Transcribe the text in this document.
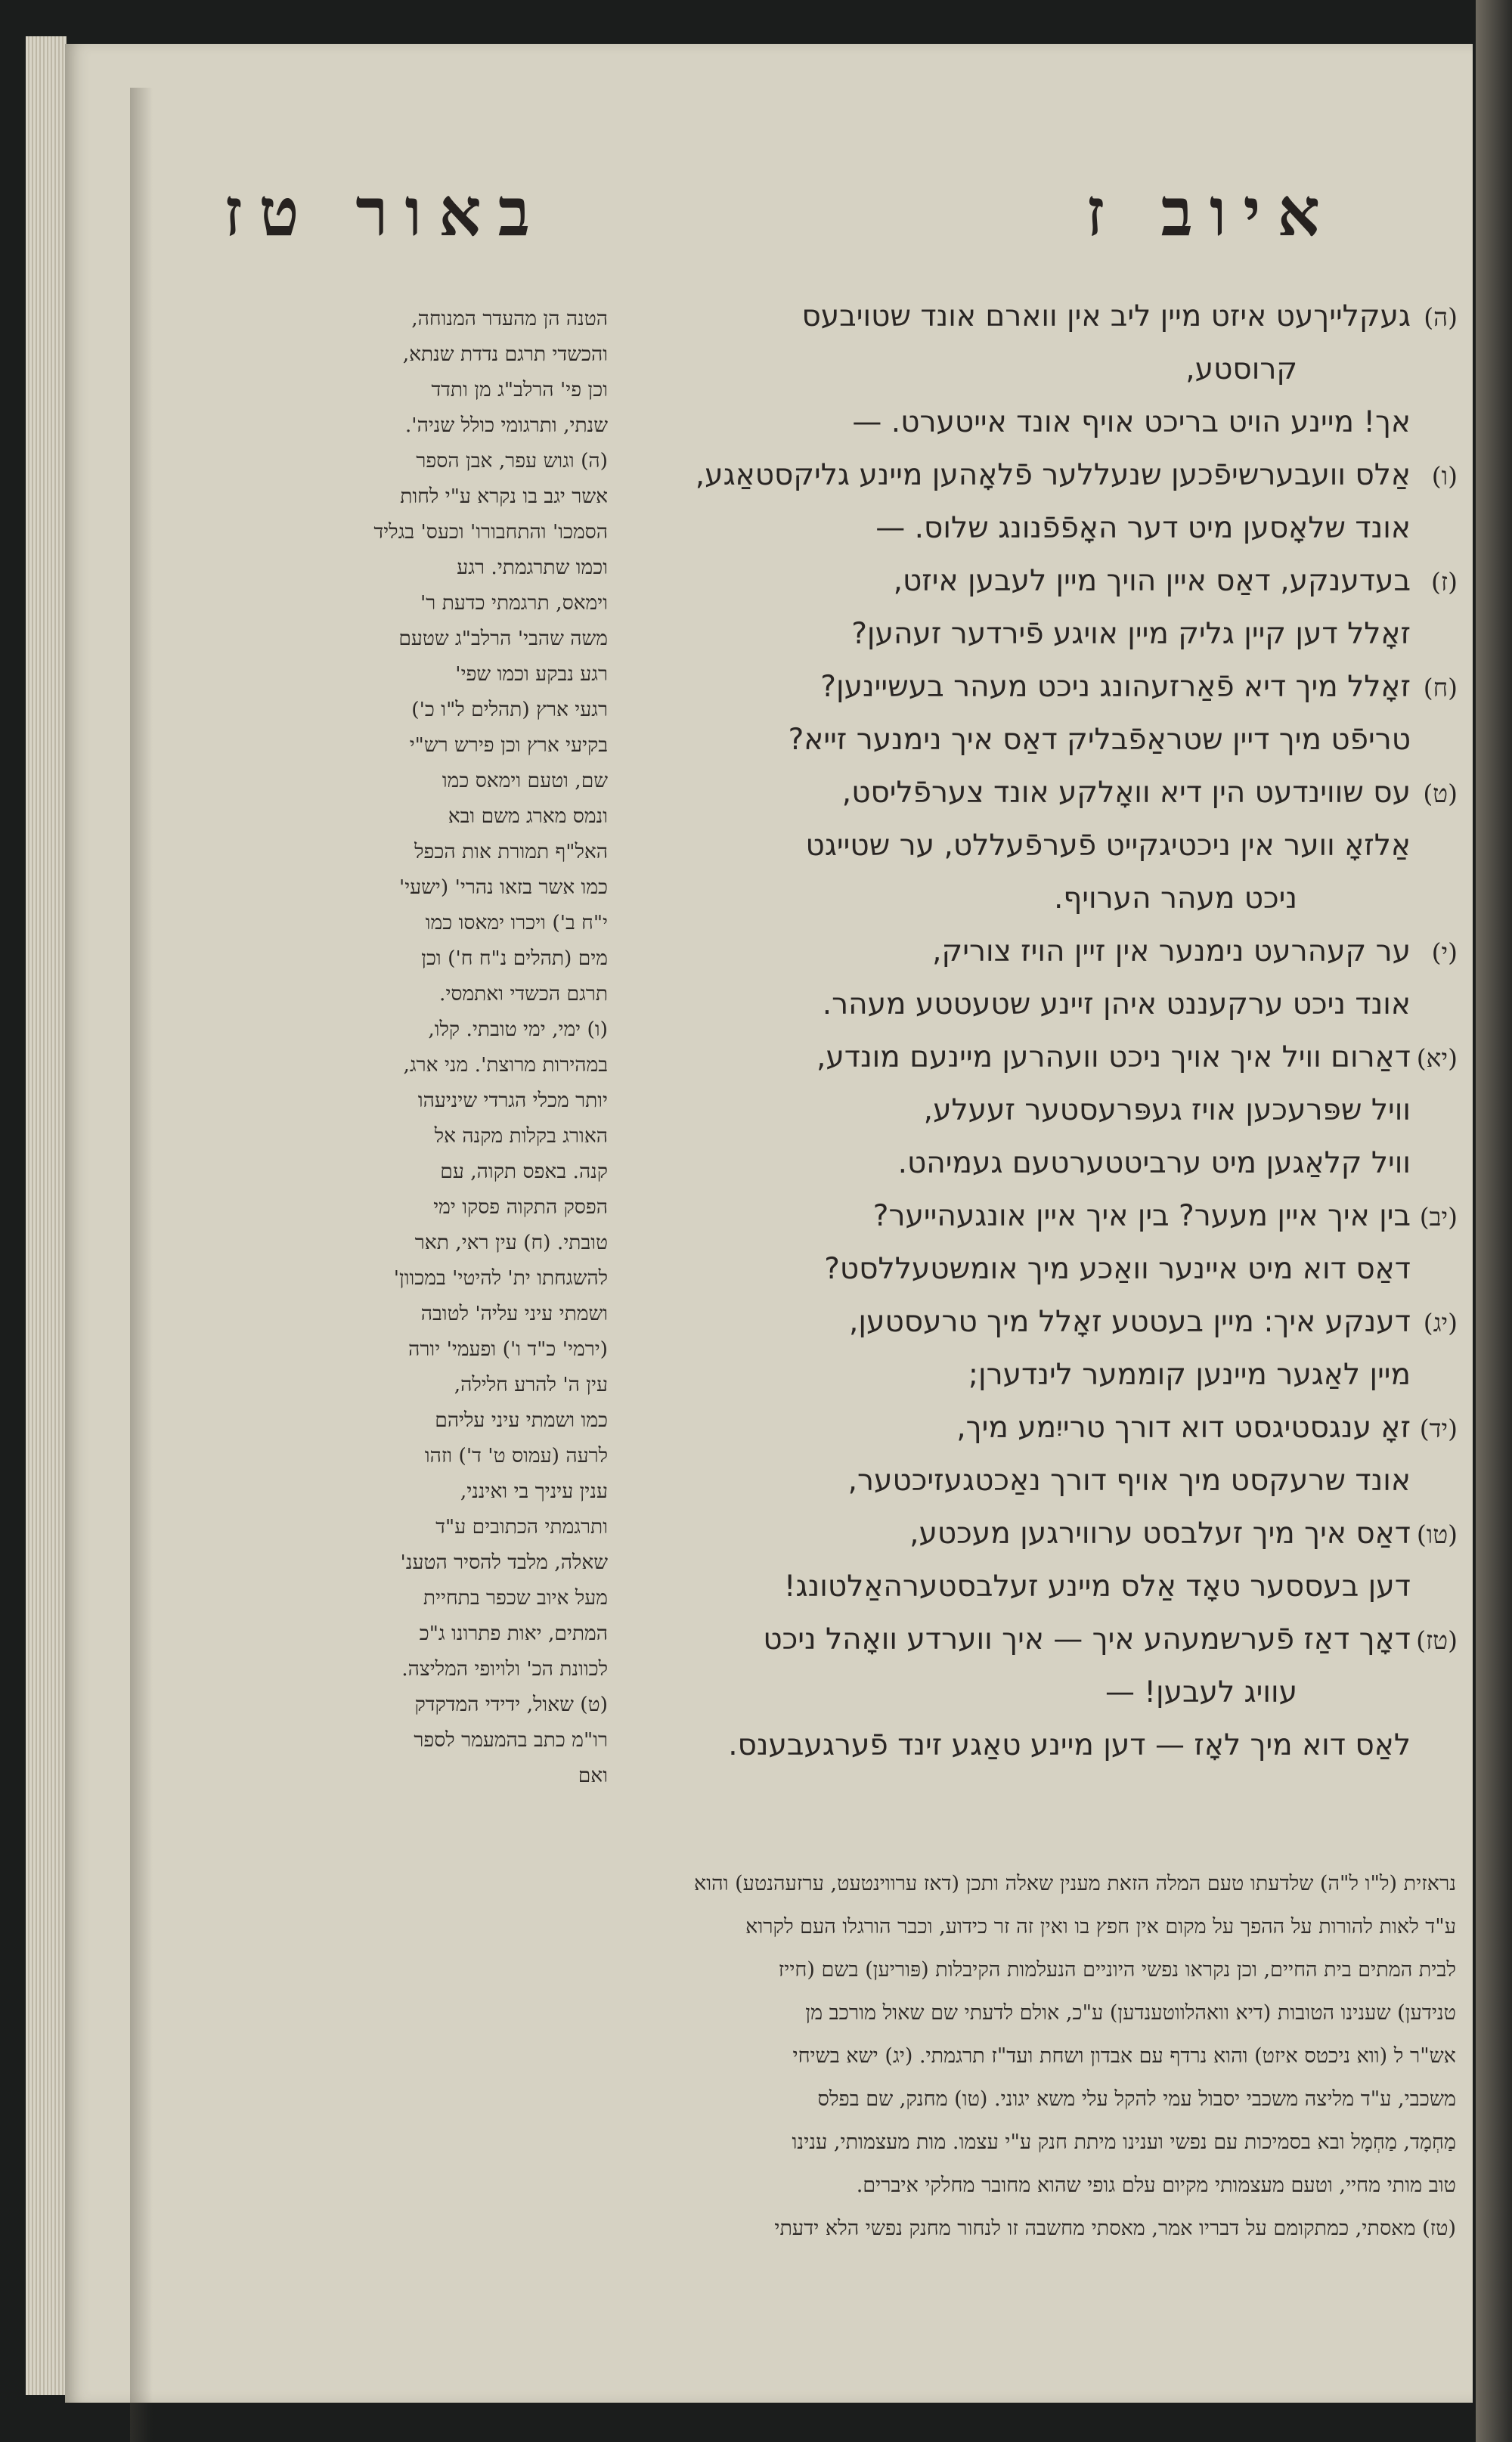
איוב ז
באור טז
(ה)
געקלייךעט איזט מיין ליב אין ווארם אונד שטויבעס
קרוסטע,
אך! מיינע הויט בריכט אויף אונד אייטערט. —
(ו)
אַלס וועבערשיפֿכען שנעללער פֿלאָהען מיינע גליקסטאַגע,
אונד שלאָסען מיט דער האָפֿפֿנונג שלוס. —
(ז)
בעדענקע, דאַס איין הויך מיין לעבען איזט,
זאָלל דען קיין גליק מיין אויגע פֿירדער זעהען?
(ח)
זאָלל מיך דיא פֿאַרזעהונג ניכט מעהר בעשיינען?
טריפֿט מיך דיין שטראַפֿבליק דאַס איך נימנער זייא?
(ט)
עס שווינדעט הין דיא וואָלקע אונד צערפֿליסט,
אַלזאָ ווער אין ניכטיגקייט פֿערפֿעללט, ער שטייגט
ניכט מעהר הערויף.
(י)
ער קעהרעט נימנער אין זיין הויז צוריק,
אונד ניכט ערקעננט איהן זיינע שטעטטע מעהר.
(יא)
דאַרום וויל איך אויך ניכט וועהרען מיינעם מונדע,
וויל שפּרעכען אויז געפּרעסטער זעעלע,
וויל קלאַגען מיט ערביטטערטעם געמיהט.
(יב)
בין איך איין מעער? בין איך איין אונגעהייער?
דאַס דוא מיט איינער וואַכע מיך אומשטעללסט?
(יג)
דענקע איך: מיין בעטטע זאָלל מיך טרעסטען,
מיין לאַגער מיינען קוממער לינדערן;
(יד)
זאָ ענגסטיגסט דוא דורך טרייִמע מיך,
אונד שרעקסט מיך אויף דורך נאַכטגעזיכטער,
(טו)
דאַס איך מיך זעלבסט ערווירגען מעכטע,
דען בעססער טאָד אַלס מיינע זעלבסטערהאַלטונג!
(טז)
דאָך דאַז פֿערשמעהע איך — איך ווערדע וואָהל ניכט
עוויג לעבען! —
לאַס דוא מיך לאָז — דען מיינע טאַגע זינד פֿערגעבענס.
הטנה הן מהעדר המנוחה,
והכשדי תרגם נדדת שנתא,
וכן פי' הרלב"ג מן ותדד
שנתי, ותרגומי כולל שניה'.
(ה) וגוש עפר, אבן הספר
אשר יגב בו נקרא ע"י לחות
הסמכו' והתחבורו' וכעס' בגליד
וכמו שתרגמתי. רגע
וימאס, תרגמתי כדעת ר'
משה שהבי' הרלב"ג שטעם
רגע נבקע וכמו שפי'
רגעי ארץ (תהלים ל"ו כ')
בקיעי ארץ וכן פירש רש"י
שם, וטעם וימאס כמו
ונמס מארג משם ובא
האל"ף תמורת אות הכפל
כמו אשר בזאו נהרי' (ישעי'
י"ח ב') ויכרו ימאסו כמו
מים (תהלים נ"ח ח') וכן
תרגם הכשדי ואתמסי.
(ו) ימי, ימי טובתי. קלו,
במהירות מרוצת'. מני ארג,
יותר מכלי הגרדי שיניעהו
האורג בקלות מקנה אל
קנה. באפס תקוה, עם
הפסק התקוה פסקו ימי
טובתי. (ח) עין ראי, תאר
להשגחתו ית' להיטי' במכוון'
ושמתי עיני עליה' לטובה
(ירמי' כ"ד ו') ופעמי' יורה
עין ה' להרע חלילה,
כמו ושמתי עיני עליהם
לרעה (עמוס ט' ד') וזהו
ענין עיניך בי ואינני,
ותרגמתי הכתובים ע"ד
שאלה, מלבד להסיר הטענ'
מעל איוב שכפר בתחיית
המתים, יאות פתרונו ג"כ
לכוונת הכ' ולויופי המליצה.
(ט) שאול, ידידי המדקדק
רו"מ כתב בהמעמר לספר
ואם
נראזית (ל"ו ל"ה) שלדעתו טעם המלה הזאת מענין שאלה ותכן (דאז ערווינטעט, ערזעהנטע) והוא
ע"ד לאות להורות על ההפך על מקום אין חפץ בו ואין זה זר כידוע, וכבר הורגלו העם לקרוא
לבית המתים בית החיים, וכן נקראו נפשי היוניים הנעלמות הקיבלות (פּוריען) בשם (חייז
טנידען) שענינו הטובות (דיא וואהלווטענדען) ע"כ, אולם לדעתי שם שאול מורכב מן
אש"ר ל (ווא ניכטס איזט) והוא נרדף עם אבדון ושחת ועד"ז תרגמתי. (יג) ישא בשיחי
משכבי, ע"ד מליצה משכבי יסבול עמי להקל עלי משא יגוני. (טו) מחנק, שם בפלס
מַחְמָד, מַחְמָל ובא בסמיכות עם נפשי וענינו מיתת חנק ע"י עצמו. מות מעצמותי, ענינו
טוב מותי מחיי, וטעם מעצמותי מקיום עלם גופי שהוא מחובר מחלקי איברים.
(טז) מאסתי, כמתקומם על דבריו אמר, מאסתי מחשבה זו לנחור מחנק נפשי הלא ידעתי
